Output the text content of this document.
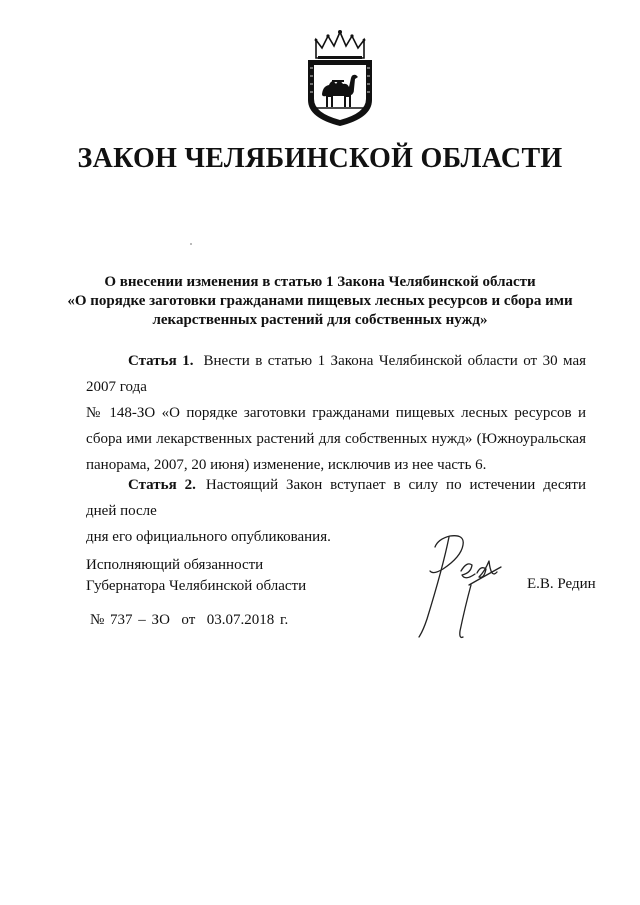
ЗАКОН ЧЕЛЯБИНСКОЙ ОБЛАСТИ
О внесении изменения в статью 1 Закона Челябинской области
«О порядке заготовки гражданами пищевых лесных ресурсов и сбора ими
лекарственных растений для собственных нужд»
Статья 1. Внести в статью 1 Закона Челябинской области от 30 мая 2007 года
№ 148-ЗО «О порядке заготовки гражданами пищевых лесных ресурсов и сбора ими лекарственных растений для собственных нужд» (Южноуральская панорама, 2007, 20 июня) изменение, исключив из нее часть 6.
Статья 2. Настоящий Закон вступает в силу по истечении десяти дней после
дня его официального опубликования.
Исполняющий обязанности
Губернатора Челябинской области	Е.В. Редин
№ 737 – ЗО  от  03.07.2018 г.
